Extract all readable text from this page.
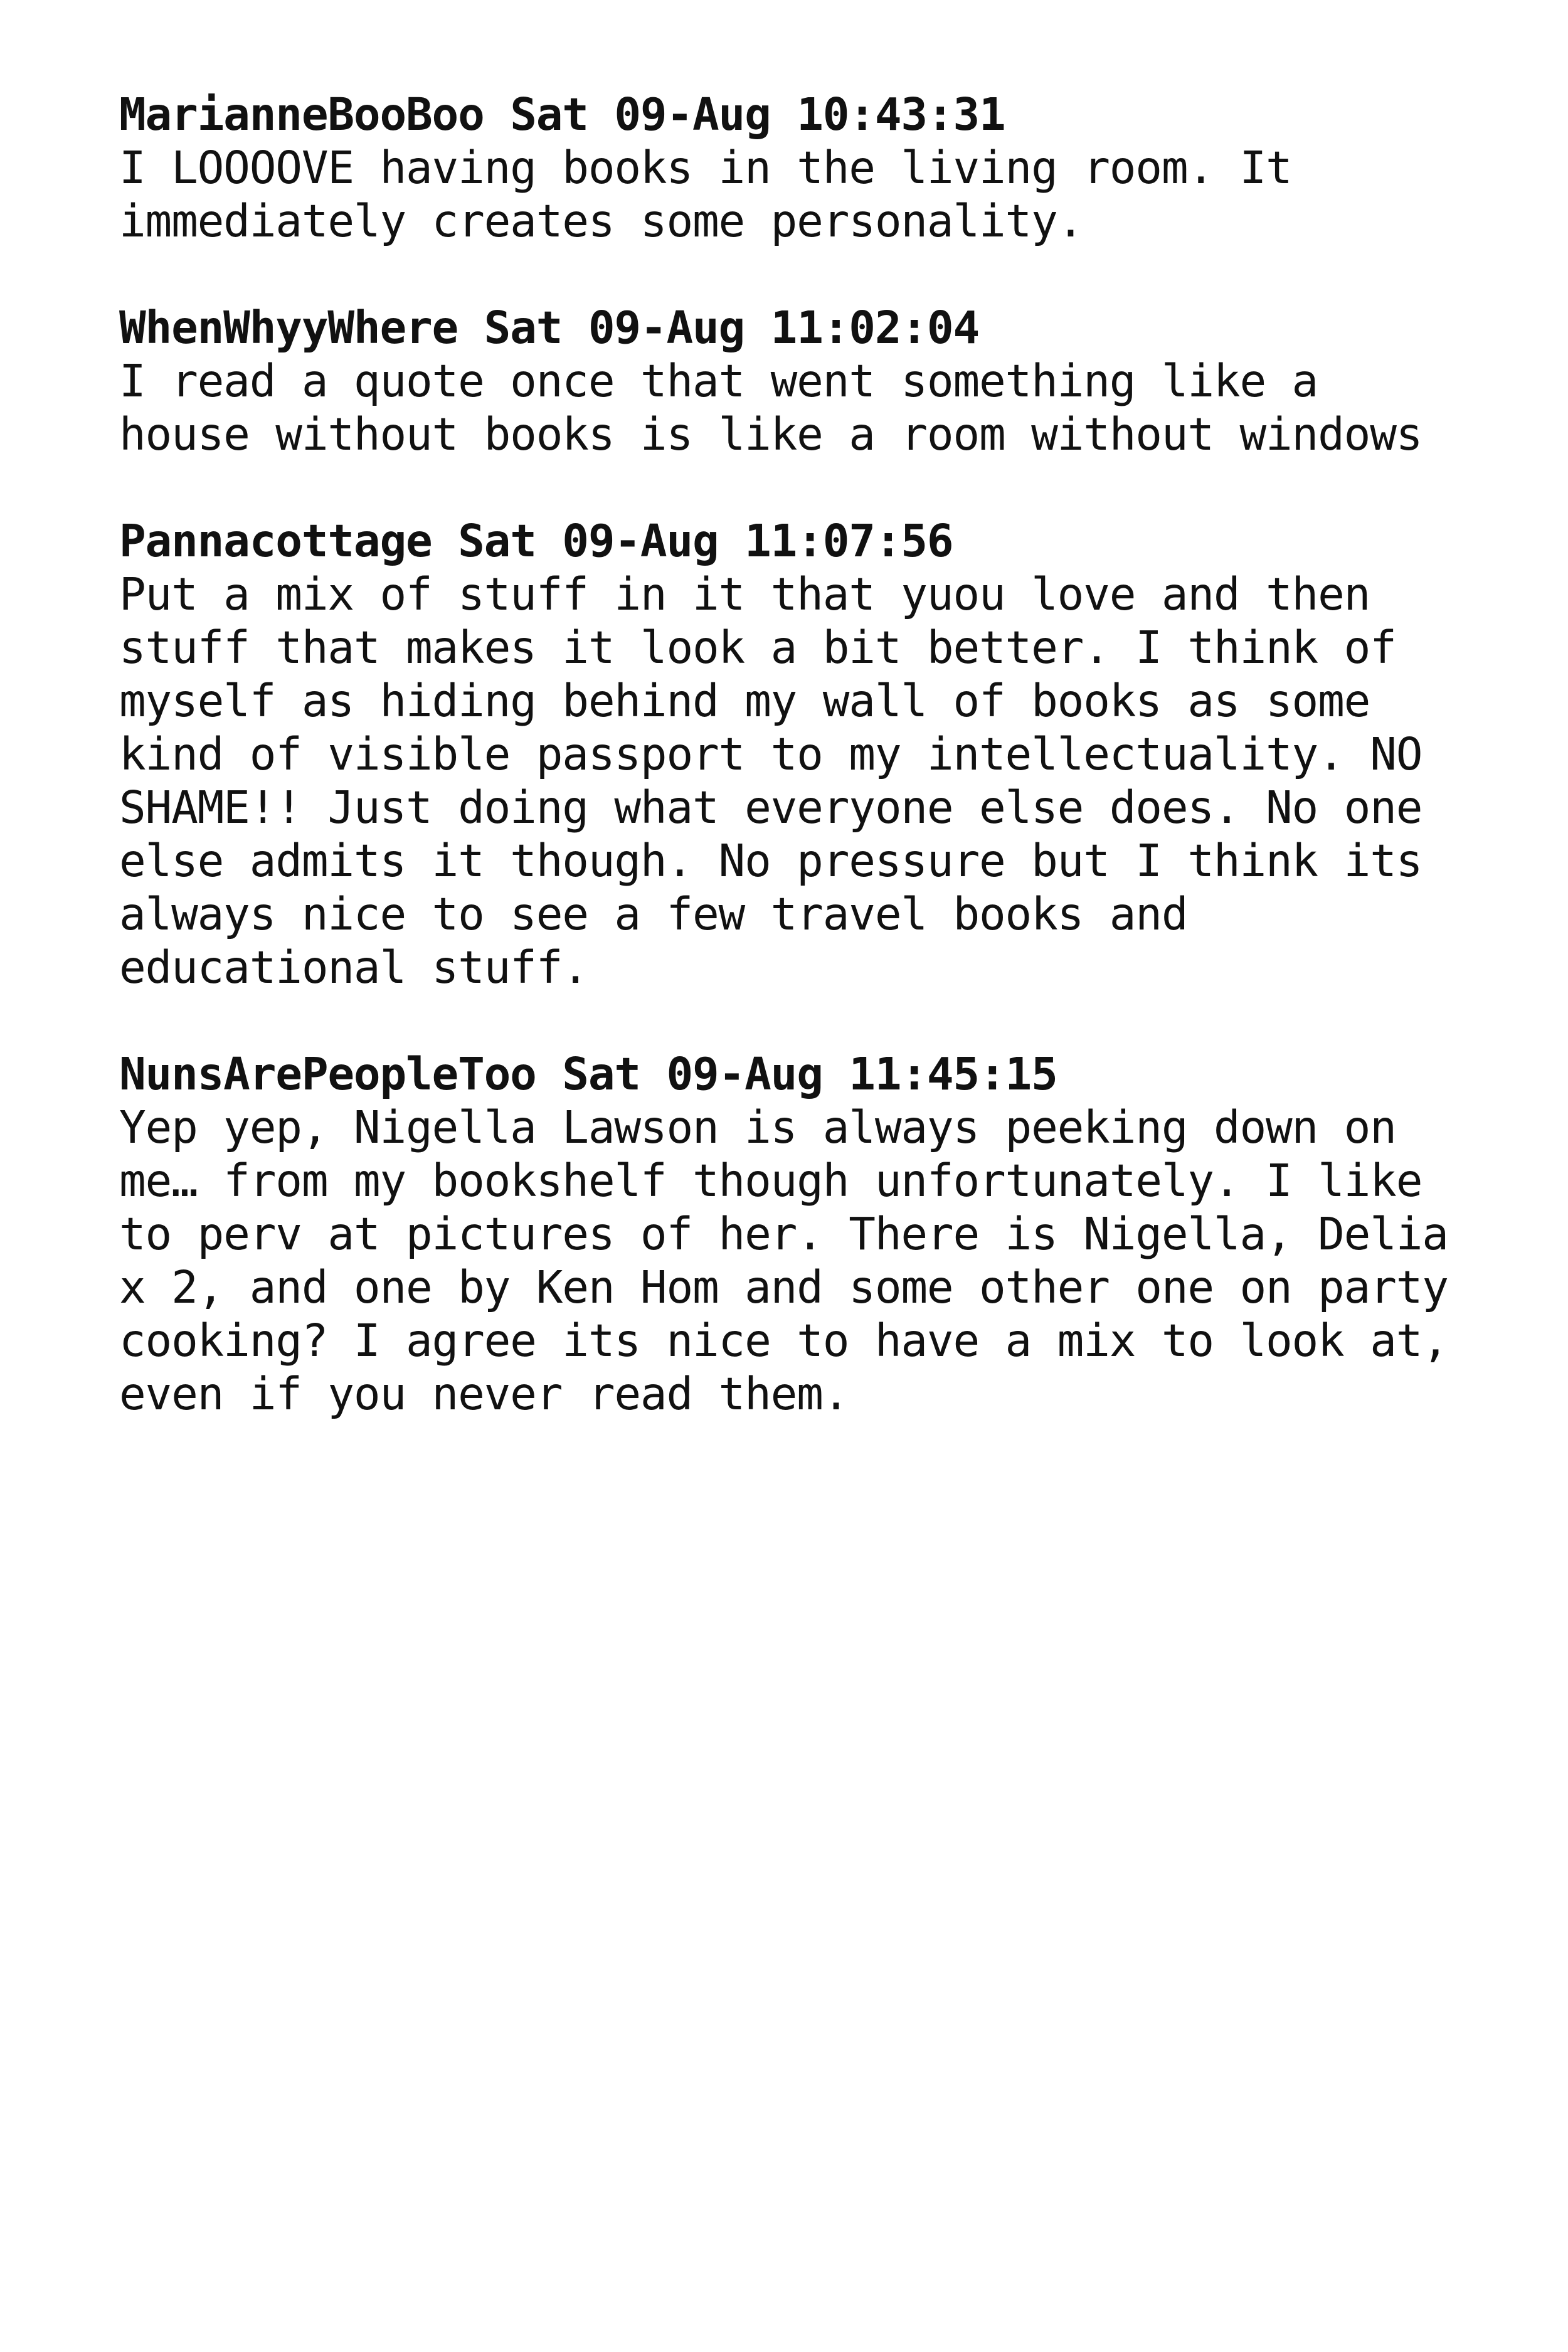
MarianneBooBoo Sat 09-Aug 10:43:31
I LOOOOVE having books in the living room. It immediately creates some personality.
WhenWhyyWhere Sat 09-Aug 11:02:04
I read a quote once that went something like a house without books is like a room without windows
Pannacottage Sat 09-Aug 11:07:56
Put a mix of stuff in it that yuou love and then stuff that makes it look a bit better. I think of myself as hiding behind my wall of books as some kind of visible passport to my intellectuality. NO SHAME!! Just doing what everyone else does. No one else admits it though. No pressure but I think its always nice to see a few travel books and educational stuff.
NunsArePeopleToo Sat 09-Aug 11:45:15
Yep yep, Nigella Lawson is always peeking down on me… from my bookshelf though unfortunately. I like to perv at pictures of her. There is Nigella, Delia x 2, and one by Ken Hom and some other one on party cooking? I agree its nice to have a mix to look at, even if you never read them.
